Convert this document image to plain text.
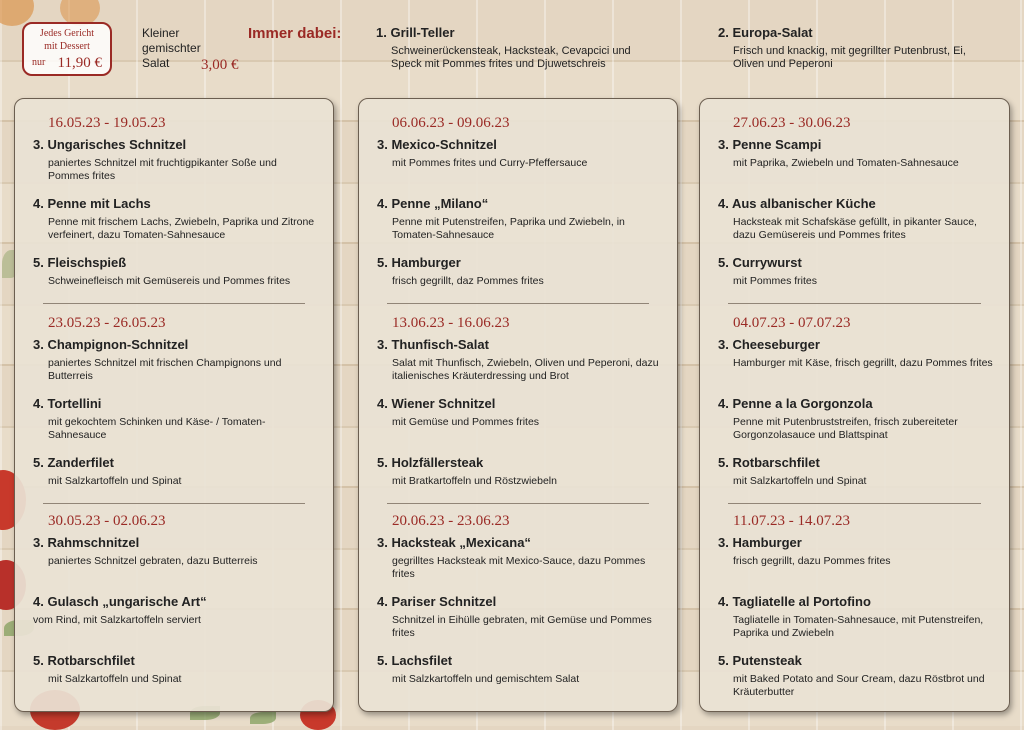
Jedes Gericht
mit Dessert
nur 11,90 €
Kleiner
gemischter
Salat	3,00 €
Immer dabei:	1. Grill-Teller
Schweinerückensteak, Hacksteak, Cevapcici und Speck mit Pommes frites und Djuwetschreis
2. Europa-Salat
Frisch und knackig, mit gegrillter Putenbrust, Ei, Oliven und Peperoni
16.05.23 - 19.05.23
3. Ungarisches Schnitzel
paniertes Schnitzel mit fruchtigpikanter Soße und Pommes frites
4. Penne mit Lachs
Penne mit frischem Lachs, Zwiebeln, Paprika und Zitrone verfeinert, dazu Tomaten-Sahnesauce
5. Fleischspieß
Schweinefleisch mit Gemüsereis und Pommes frites
23.05.23 - 26.05.23
3. Champignon-Schnitzel
paniertes Schnitzel mit frischen Champignons und Butterreis
4. Tortellini
mit gekochtem Schinken und Käse- / Tomaten-Sahnesauce
5. Zanderfilet
mit Salzkartoffeln und Spinat
30.05.23 - 02.06.23
3. Rahmschnitzel
paniertes Schnitzel gebraten, dazu Butterreis
4. Gulasch „ungarische Art“
vom Rind, mit Salzkartoffeln serviert
5. Rotbarschfilet
mit Salzkartoffeln und Spinat
06.06.23 - 09.06.23
3. Mexico-Schnitzel
mit Pommes frites und Curry-Pfeffersauce
4. Penne „Milano“
Penne mit Putenstreifen, Paprika und Zwiebeln, in Tomaten-Sahnesauce
5. Hamburger
frisch gegrillt, daz Pommes frites
13.06.23 - 16.06.23
3. Thunfisch-Salat
Salat mit Thunfisch, Zwiebeln, Oliven und Peperoni, dazu italienisches Kräuterdressing und Brot
4. Wiener Schnitzel
mit Gemüse und Pommes frites
5. Holzfällersteak
mit Bratkartoffeln und Röstzwiebeln
20.06.23 - 23.06.23
3. Hacksteak „Mexicana“
gegrilltes Hacksteak mit Mexico-Sauce, dazu Pommes frites
4. Pariser Schnitzel
Schnitzel in Eihülle gebraten, mit Gemüse und Pommes frites
5. Lachsfilet
mit Salzkartoffeln und gemischtem Salat
27.06.23 - 30.06.23
3. Penne Scampi
mit Paprika, Zwiebeln und Tomaten-Sahnesauce
4. Aus albanischer Küche
Hacksteak mit Schafskäse gefüllt, in pikanter Sauce, dazu Gemüsereis und Pommes frites
5. Currywurst
mit Pommes frites
04.07.23 - 07.07.23
3. Cheeseburger
Hamburger mit Käse, frisch gegrillt, dazu Pommes frites
4. Penne a la Gorgonzola
Penne mit Putenbruststreifen, frisch zubereiteter Gorgonzolasauce und Blattspinat
5. Rotbarschfilet
mit Salzkartoffeln und Spinat
11.07.23 - 14.07.23
3. Hamburger
frisch gegrillt, dazu Pommes frites
4. Tagliatelle al Portofino
Tagliatelle in Tomaten-Sahnesauce, mit Putenstreifen, Paprika und Zwiebeln
5. Putensteak
mit Baked Potato and Sour Cream, dazu Röstbrot und Kräuterbutter
